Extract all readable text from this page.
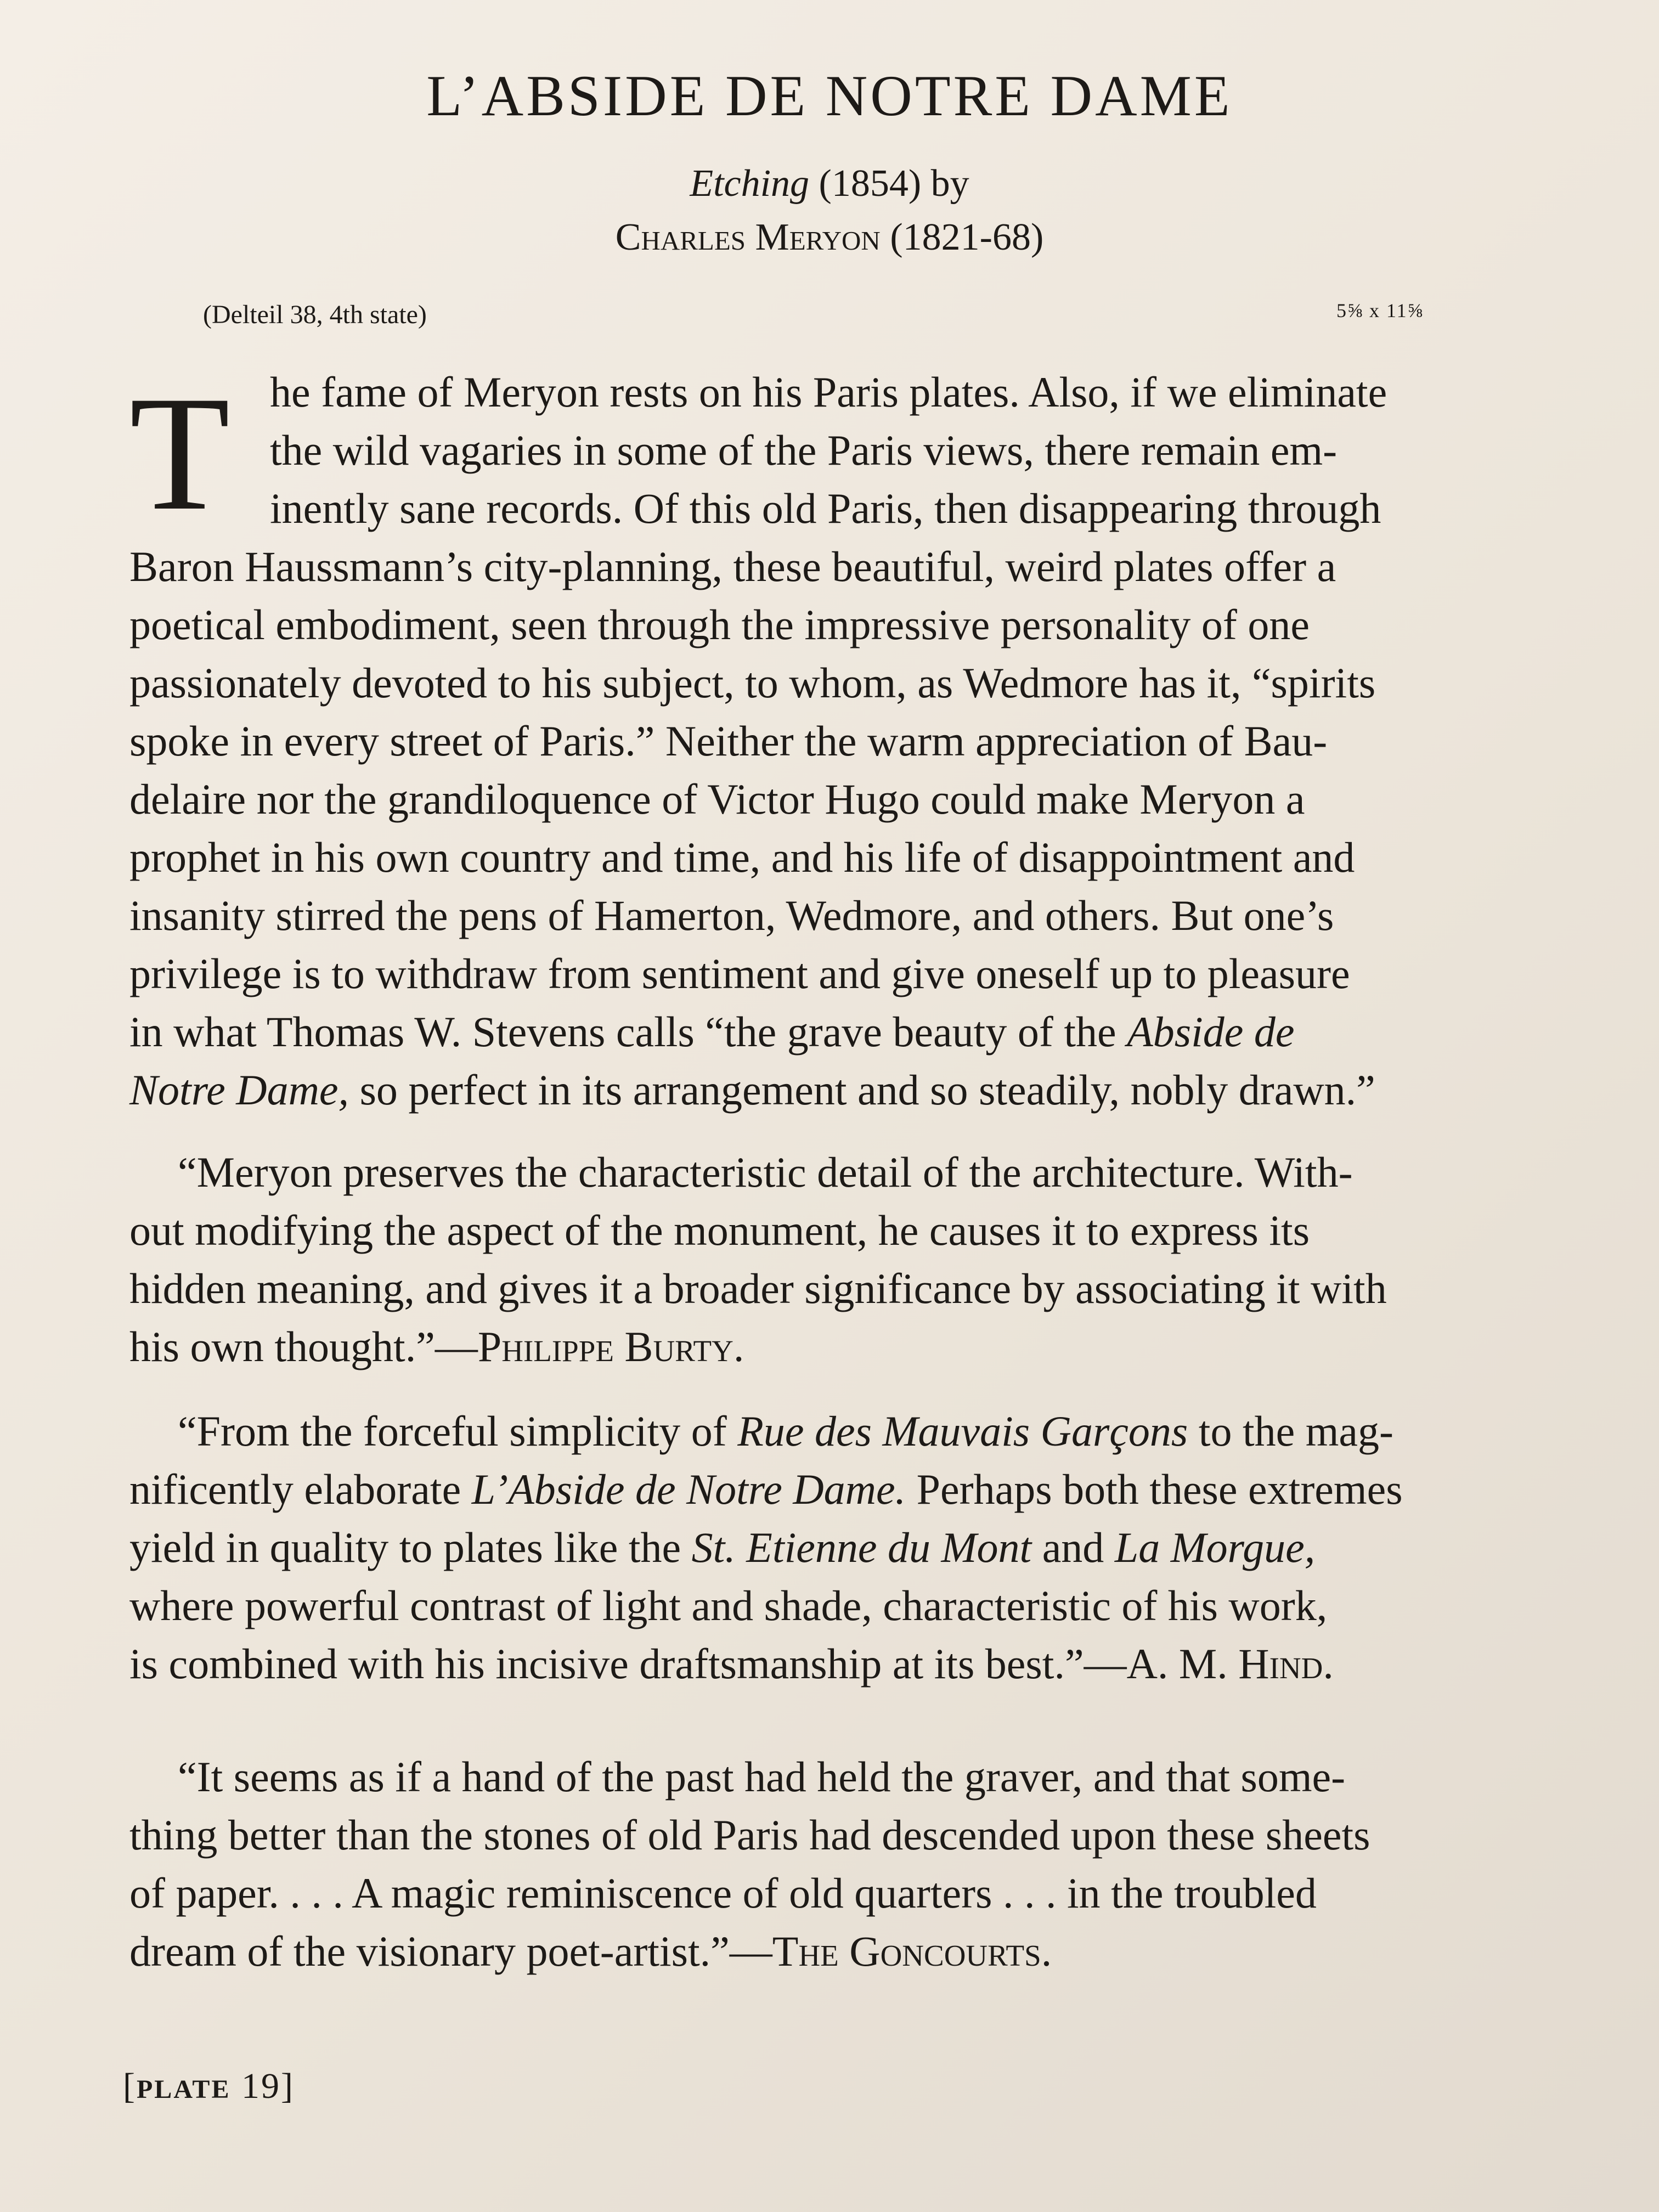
L’ABSIDE DE NOTRE DAME
Etching (1854) by
Charles Meryon (1821-68)
(Delteil 38, 4th state)	5⅝ x 11⅝
T he fame of Meryon rests on his Paris plates. Also, if we eliminate
the wild vagaries in some of the Paris views, there remain em-
inently sane records. Of this old Paris, then disappearing through
Baron Haussmann’s city-planning, these beautiful, weird plates offer a
poetical embodiment, seen through the impressive personality of one
passionately devoted to his subject, to whom, as Wedmore has it, “spirits
spoke in every street of Paris.” Neither the warm appreciation of Bau-
delaire nor the grandiloquence of Victor Hugo could make Meryon a
prophet in his own country and time, and his life of disappointment and
insanity stirred the pens of Hamerton, Wedmore, and others. But one’s
privilege is to withdraw from sentiment and give oneself up to pleasure
in what Thomas W. Stevens calls “the grave beauty of the Abside de
Notre Dame, so perfect in its arrangement and so steadily, nobly drawn.”
“Meryon preserves the characteristic detail of the architecture. With-
out modifying the aspect of the monument, he causes it to express its
hidden meaning, and gives it a broader significance by associating it with
his own thought.”—Philippe Burty.
“From the forceful simplicity of Rue des Mauvais Garçons to the mag-
nificently elaborate L’Abside de Notre Dame. Perhaps both these extremes
yield in quality to plates like the St. Etienne du Mont and La Morgue,
where powerful contrast of light and shade, characteristic of his work,
is combined with his incisive draftsmanship at its best.”—A. M. Hind.
“It seems as if a hand of the past had held the graver, and that some-
thing better than the stones of old Paris had descended upon these sheets
of paper. . . . A magic reminiscence of old quarters . . . in the troubled
dream of the visionary poet-artist.”—The Goncourts.
[PLATE 19]
